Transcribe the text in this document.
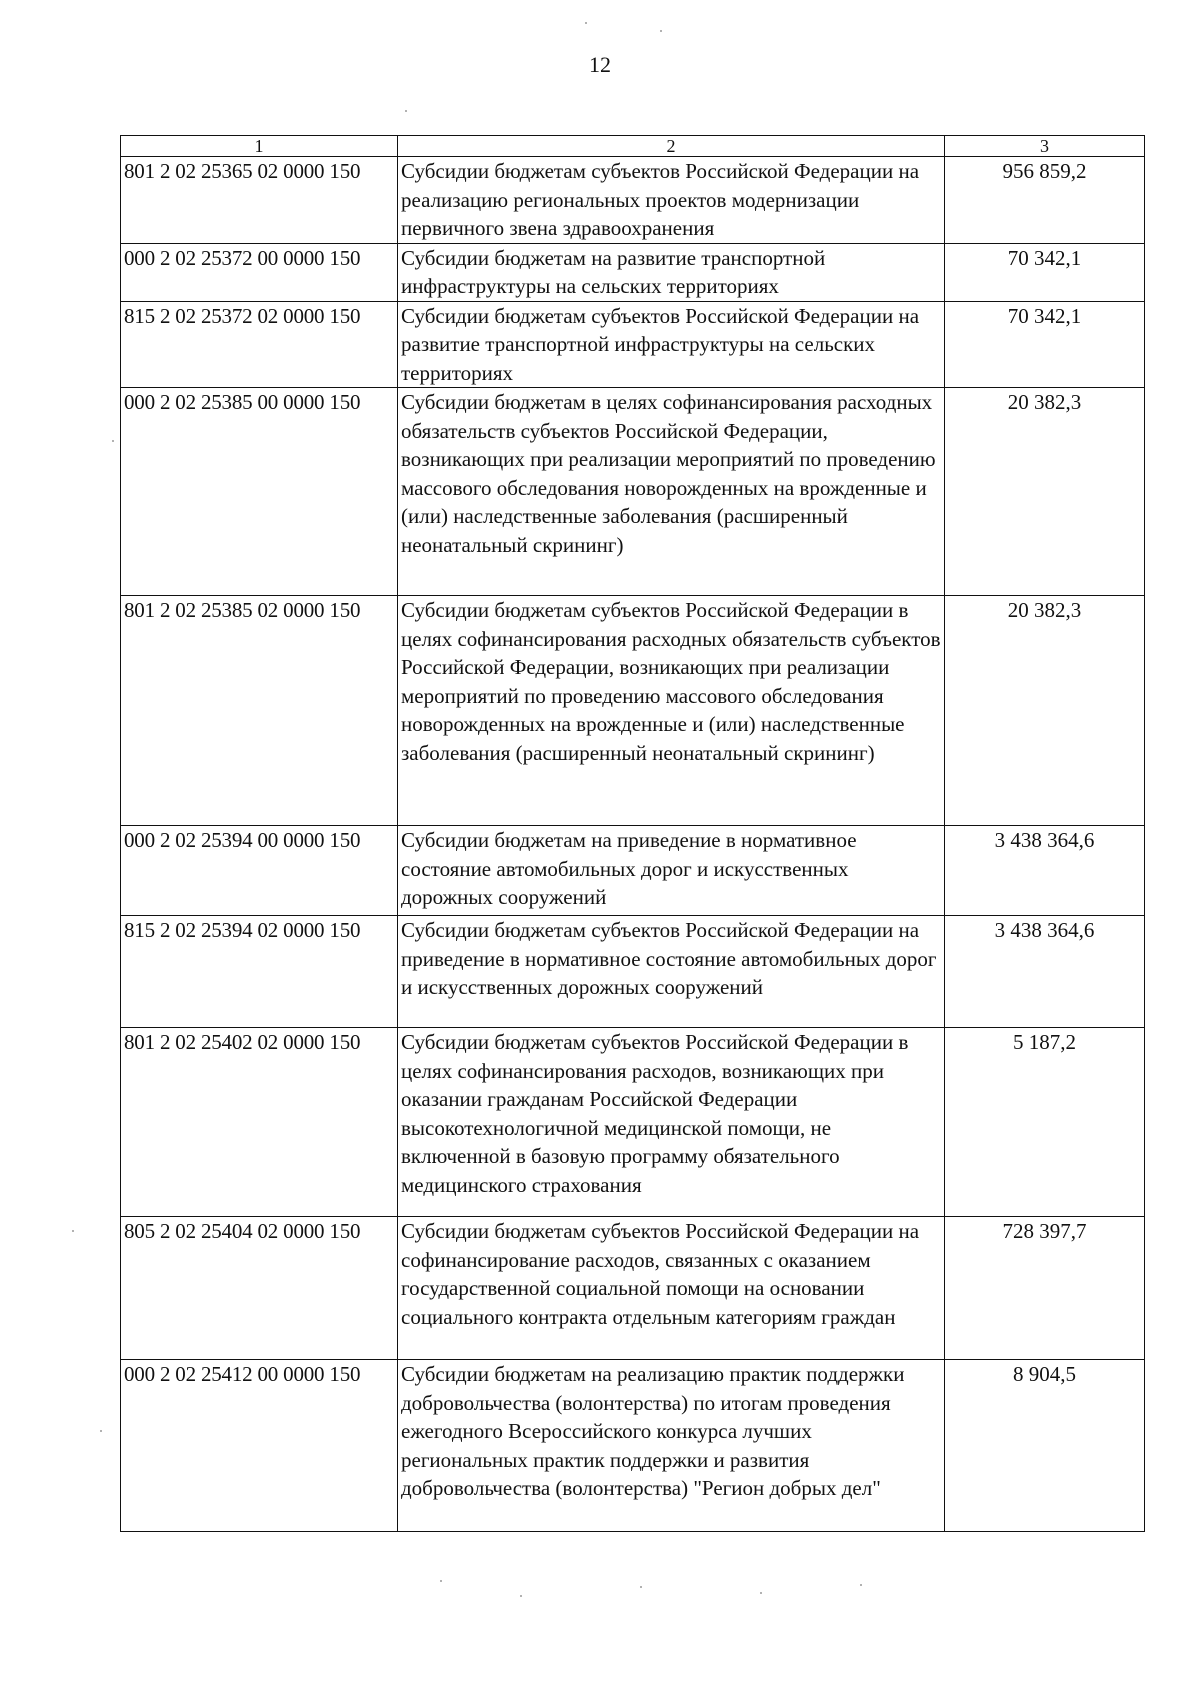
12
1	2	3
801 2 02 25365 02 0000 150	Субсидии бюджетам субъектов Российской Федерации на реализацию региональных проектов модернизации первичного звена здравоохранения	956 859,2
000 2 02 25372 00 0000 150	Субсидии бюджетам на развитие транспортной инфраструктуры на сельских территориях	70 342,1
815 2 02 25372 02 0000 150	Субсидии бюджетам субъектов Российской Федерации на развитие транспортной инфраструктуры на сельских территориях	70 342,1
000 2 02 25385 00 0000 150	Субсидии бюджетам в целях софинансирования расходных обязательств субъектов Российской Федерации, возникающих при реализации мероприятий по проведению массового обследования новорожденных на врожденные и (или) наследственные заболевания (расширенный неонатальный скрининг)	20 382,3
801 2 02 25385 02 0000 150	Субсидии бюджетам субъектов Российской Федерации в целях софинансирования расходных обязательств субъектов Российской Федерации, возникающих при реализации мероприятий по проведению массового обследования новорожденных на врожденные и (или) наследственные заболевания (расширенный неонатальный скрининг)	20 382,3
000 2 02 25394 00 0000 150	Субсидии бюджетам на приведение в нормативное состояние автомобильных дорог и искусственных дорожных сооружений	3 438 364,6
815 2 02 25394 02 0000 150	Субсидии бюджетам субъектов Российской Федерации на приведение в нормативное состояние автомобильных дорог и искусственных дорожных сооружений	3 438 364,6
801 2 02 25402 02 0000 150	Субсидии бюджетам субъектов Российской Федерации в целях софинансирования расходов, возникающих при оказании гражданам Российской Федерации высокотехнологичной медицинской помощи, не включенной в базовую программу обязательного медицинского страхования	5 187,2
805 2 02 25404 02 0000 150	Субсидии бюджетам субъектов Российской Федерации на софинансирование расходов, связанных с оказанием государственной социальной помощи на основании социального контракта отдельным категориям граждан	728 397,7
000 2 02 25412 00 0000 150	Субсидии бюджетам на реализацию практик поддержки добровольчества (волонтерства) по итогам проведения ежегодного Всероссийского конкурса лучших региональных практик поддержки и развития добровольчества (волонтерства) "Регион добрых дел"	8 904,5
